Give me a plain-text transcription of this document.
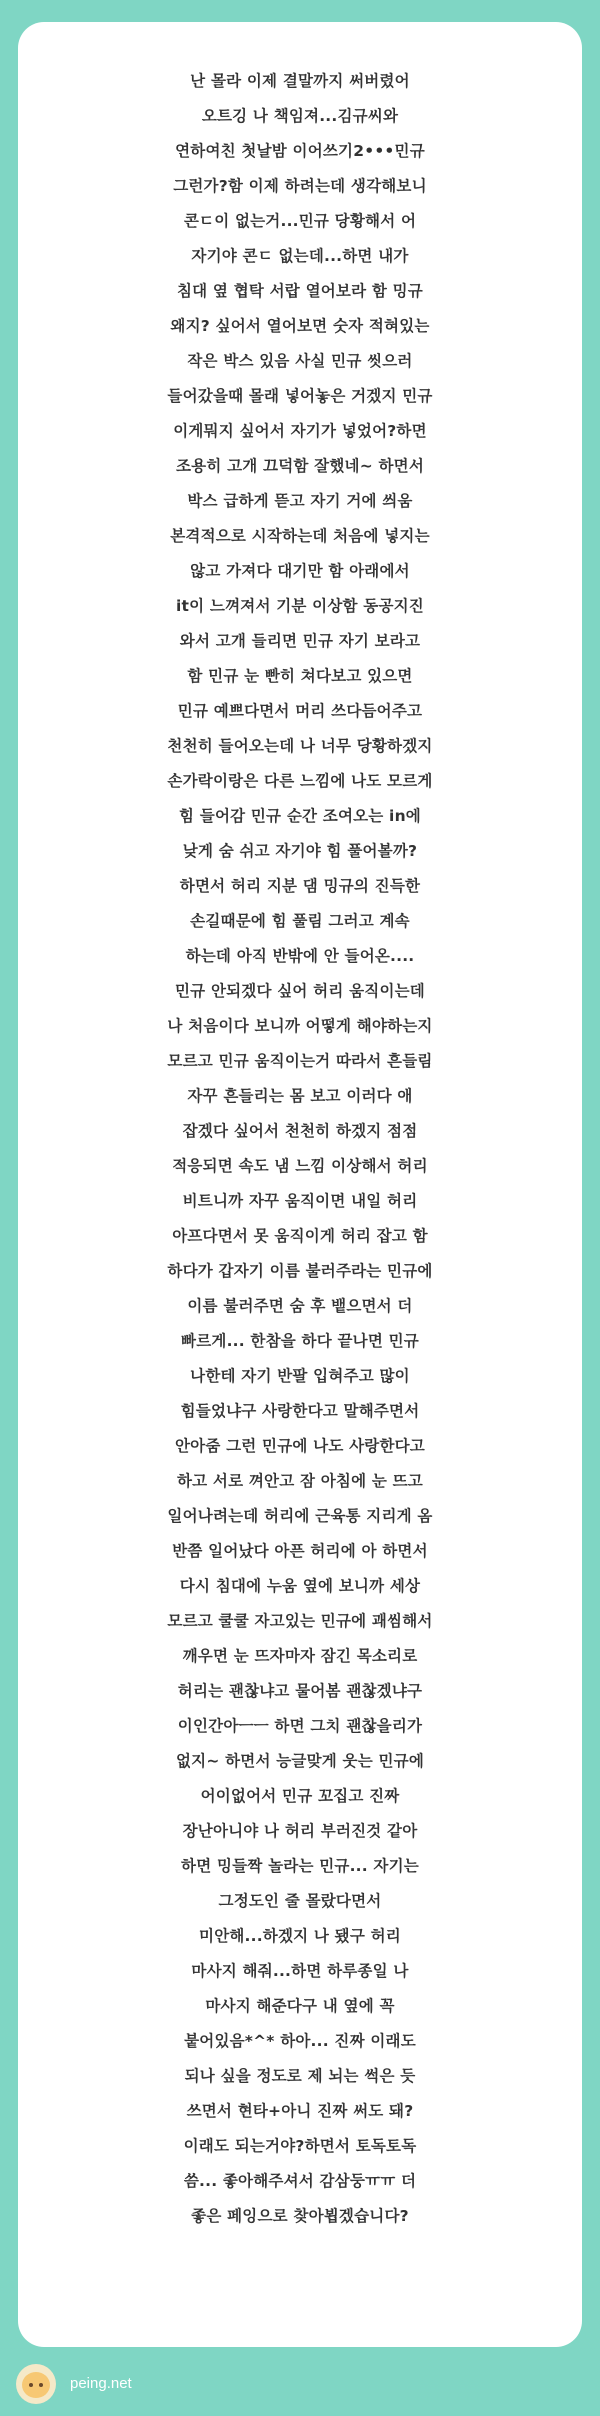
난 몰라 이제 결말까지 써버렸어
오트깅 나 책임져...김규씨와
연하여친 첫날밤 이어쓰기2•••민규
그런가?함 이제 하려는데 생각해보니
콘ㄷ이 없는거...민규 당황해서 어
자기야 콘ㄷ 없는데...하면 내가
침대 옆 협탁 서랍 열어보라 함 밍규
왜지? 싶어서 열어보면 숫자 적혀있는
작은 박스 있음 사실 민규 씻으러
들어갔을때 몰래 넣어놓은 거겠지 민규
이게뭐지 싶어서 자기가 넣었어?하면
조용히 고개 끄덕함 잘했네~ 하면서
박스 급하게 뜯고 자기 거에 씌움
본격적으로 시작하는데 처음에 넣지는
않고 가져다 대기만 함 아래에서
it이 느껴져서 기분 이상함 동공지진
와서 고개 들리면 민규 자기 보라고
함 민규 눈 빤히 쳐다보고 있으면
민규 예쁘다면서 머리 쓰다듬어주고
천천히 들어오는데 나 너무 당황하겠지
손가락이랑은 다른 느낌에 나도 모르게
힘 들어감 민규 순간 조여오는 in에
낮게 숨 쉬고 자기야 힘 풀어볼까?
하면서 허리 지분 댐 밍규의 진득한
손길때문에 힘 풀림 그러고 계속
하는데 아직 반밖에 안 들어온....
민규 안되겠다 싶어 허리 움직이는데
나 처음이다 보니까 어떻게 해야하는지
모르고 민규 움직이는거 따라서 흔들림
자꾸 흔들리는 몸 보고 이러다 애
잡겠다 싶어서 천천히 하겠지 점점
적응되면 속도 냄 느낌 이상해서 허리
비트니까 자꾸 움직이면 내일 허리
아프다면서 못 움직이게 허리 잡고 함
하다가 갑자기 이름 불러주라는 민규에
이름 불러주면 숨 후 뱉으면서 더
빠르게... 한참을 하다 끝나면 민규
나한테 자기 반팔 입혀주고 많이
힘들었냐구 사랑한다고 말해주면서
안아줌 그런 민규에 나도 사랑한다고
하고 서로 껴안고 잠 아침에 눈 뜨고
일어나려는데 허리에 근육통 지리게 옴
반쯤 일어났다 아픈 허리에 아 하면서
다시 침대에 누움 옆에 보니까 세상
모르고 쿨쿨 자고있는 민규에 괘씸해서
깨우면 눈 뜨자마자 잠긴 목소리로
허리는 괜찮냐고 물어봄 괜찮겠냐구
이인간아ㅡㅡ 하면 그치 괜찮을리가
없지~ 하면서 능글맞게 웃는 민규에
어이없어서 민규 꼬집고 진짜
장난아니야 나 허리 부러진것 같아
하면 밍들짝 놀라는 민규... 자기는
그정도인 줄 몰랐다면서
미안해...하겠지 나 됐구 허리
마사지 해줘...하면 하루종일 나
마사지 해준다구 내 옆에 꼭
붙어있음*^* 하아... 진짜 이래도
되나 싶을 정도로 제 뇌는 썩은 듯
쓰면서 현타+아니 진짜 써도 돼?
이래도 되는거야?하면서 토독토독
씀... 좋아해주셔서 감삼둥ㅠㅠ 더
좋은 페잉으로 찾아뵙겠습니다?
peing.net
